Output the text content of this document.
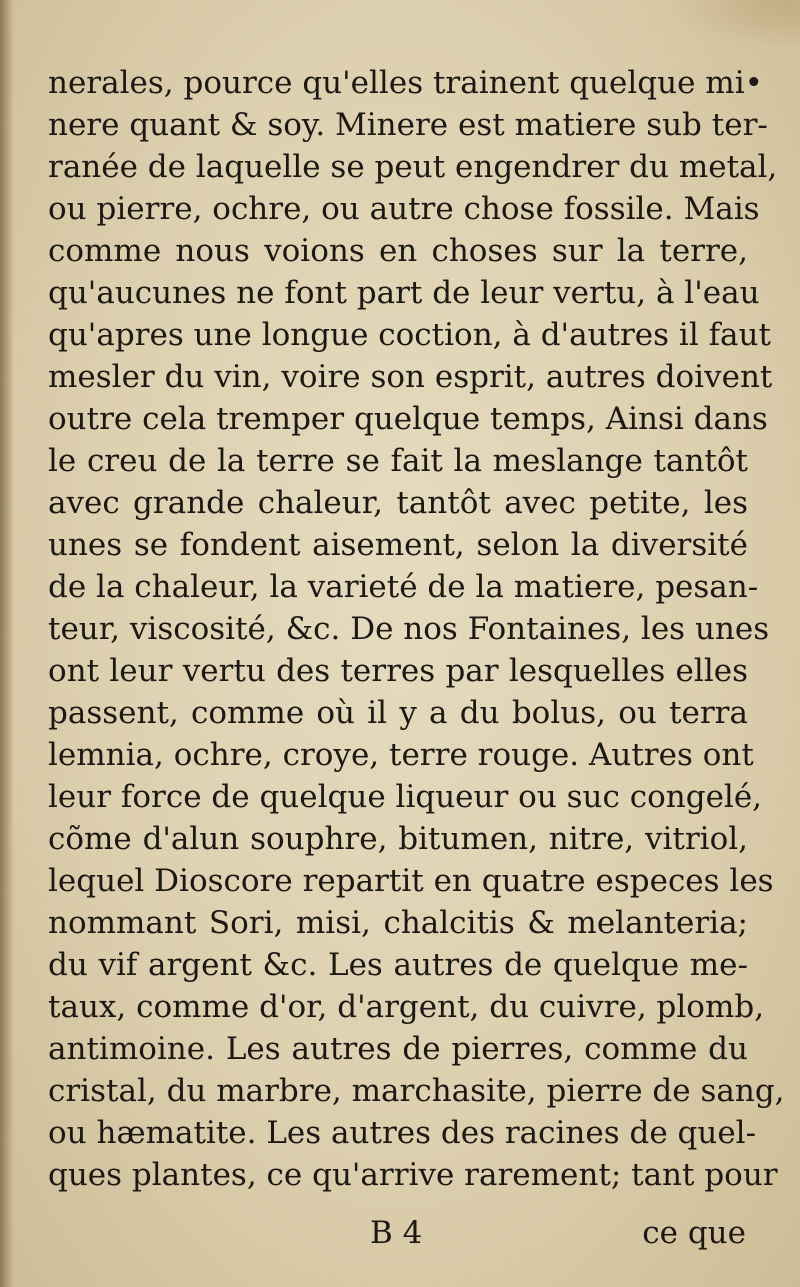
nerales, pource qu'elles trainent quelque mi•
nere quant & soy. Minere est matiere sub ter-
ranée de laquelle se peut engendrer du metal,
ou pierre, ochre, ou autre chose fossile. Mais
comme nous voions en choses sur la terre,
qu'aucunes ne font part de leur vertu, à l'eau
qu'apres une longue coction, à d'autres il faut
mesler du vin, voire son esprit, autres doivent
outre cela tremper quelque temps, Ainsi dans
le creu de la terre se fait la meslange tantôt
avec grande chaleur, tantôt avec petite, les
unes se fondent aisement, selon la diversité
de la chaleur, la varieté de la matiere, pesan-
teur, viscosité, &c. De nos Fontaines, les unes
ont leur vertu des terres par lesquelles elles
passent, comme où il y a du bolus, ou terra
lemnia, ochre, croye, terre rouge. Autres ont
leur force de quelque liqueur ou suc congelé,
cõme d'alun souphre, bitumen, nitre, vitriol,
lequel Dioscore repartit en quatre especes les
nommant Sori, misi, chalcitis & melanteria;
du vif argent &c. Les autres de quelque me-
taux, comme d'or, d'argent, du cuivre, plomb,
antimoine. Les autres de pierres, comme du
cristal, du marbre, marchasite, pierre de sang,
ou hæmatite. Les autres des racines de quel-
ques plantes, ce qu'arrive rarement; tant pour
B 4	ce que
